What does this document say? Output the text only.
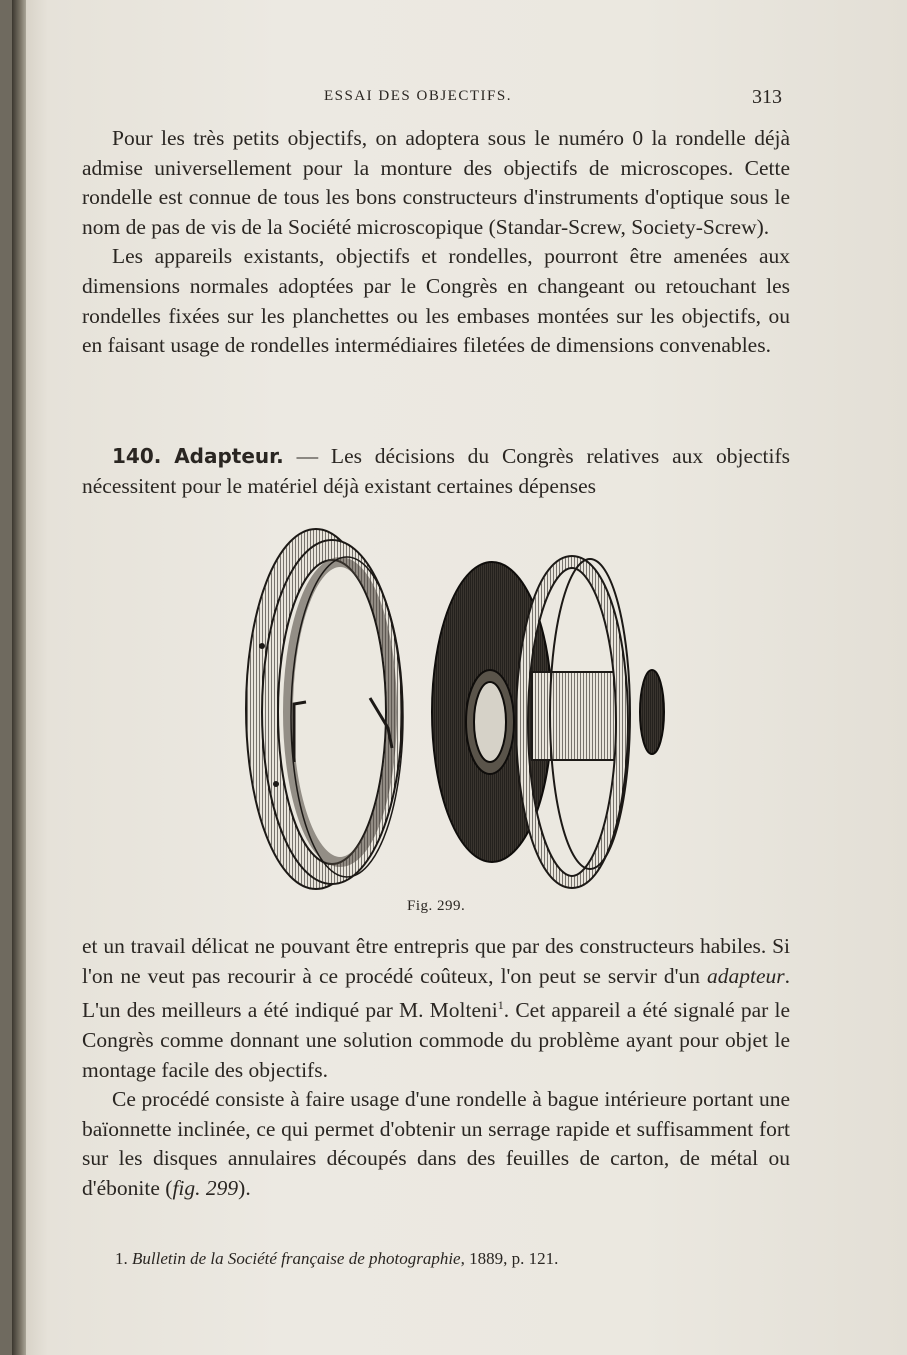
ESSAI DES OBJECTIFS.	313

Pour les très petits objectifs, on adoptera sous le numéro 0 la rondelle déjà admise universellement pour la monture des objectifs de microscopes. Cette rondelle est connue de tous les bons constructeurs d'instruments d'optique sous le nom de pas de vis de la Société microscopique (Standar-Screw, Society-Screw).

Les appareils existants, objectifs et rondelles, pourront être amenées aux dimensions normales adoptées par le Congrès en changeant ou retouchant les rondelles fixées sur les planchettes ou les embases montées sur les objectifs, ou en faisant usage de rondelles intermédiaires filetées de dimensions convenables.

140. Adapteur. — Les décisions du Congrès relatives aux objectifs nécessitent pour le matériel déjà existant certaines dépenses

Fig. 299.

et un travail délicat ne pouvant être entrepris que par des constructeurs habiles. Si l'on ne veut pas recourir à ce procédé coûteux, l'on peut se servir d'un adapteur. L'un des meilleurs a été indiqué par M. Molteni$^1$. Cet appareil a été signalé par le Congrès comme donnant une solution commode du problème ayant pour objet le montage facile des objectifs.

Ce procédé consiste à faire usage d'une rondelle à bague intérieure portant une baïonnette inclinée, ce qui permet d'obtenir un serrage rapide et suffisamment fort sur les disques annulaires découpés dans des feuilles de carton, de métal ou d'ébonite (fig. 299).

1. Bulletin de la Société française de photographie, 1889, p. 121.
